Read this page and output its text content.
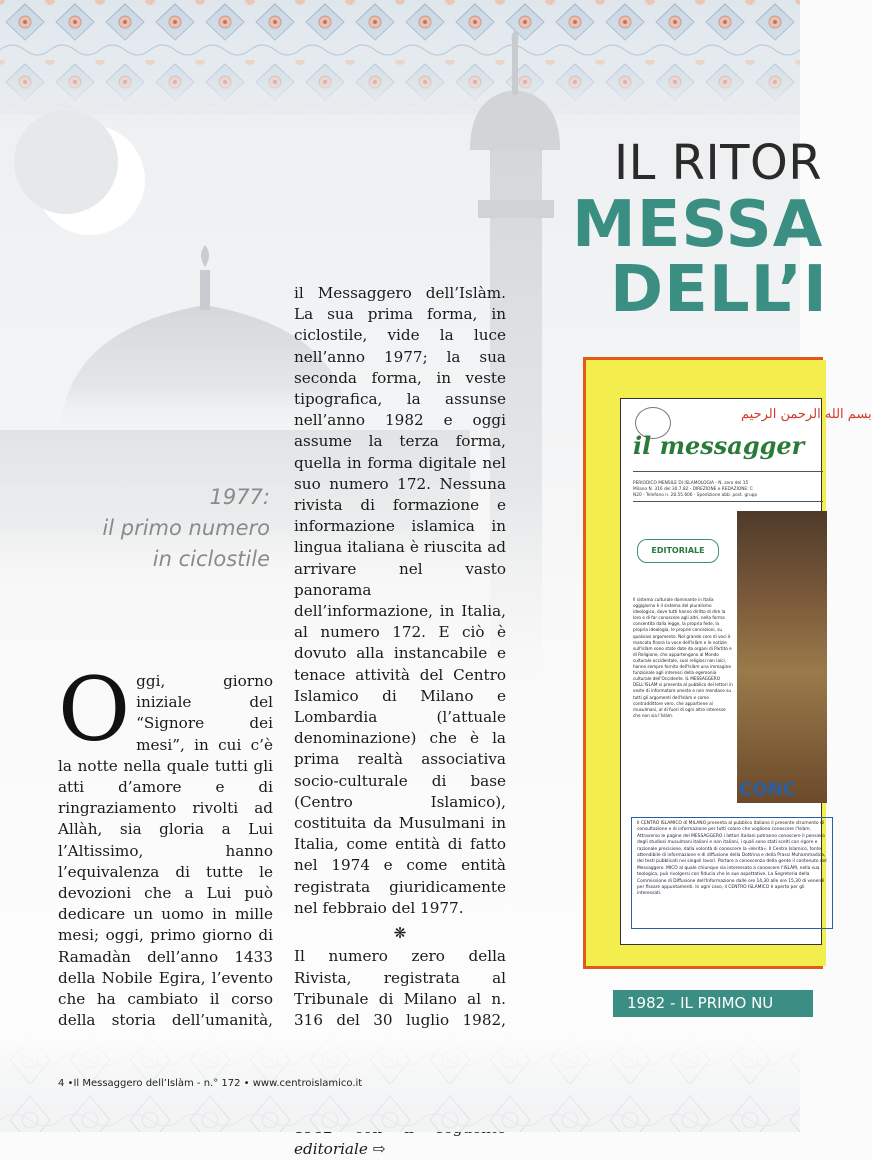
IL RITOR
MESSA
DELL’I
1977:
il primo numero
in ciclostile
Oggi, giorno iniziale del “Signore dei mesi”, in cui c’è la notte nella quale tutti gli atti d’amore e di ringraziamento rivolti ad Allàh, sia gloria a Lui l’Altissimo, hanno l’equivalenza di tutte le devozioni che a Lui può dedicare un uomo in mille mesi; oggi, primo giorno di Ramadàn dell’anno 1433 della Nobile Egira, l’evento che ha cambiato il corso della storia dell’umanità,
il Messaggero dell’Islàm. La sua prima forma, in ciclostile, vide la luce nell’anno 1977; la sua seconda forma, in veste tipografica, la assunse nell’anno 1982 e oggi assume la terza forma, quella in forma digitale nel suo numero 172. Nessuna rivista di formazione e informazione islamica in lingua italiana è riuscita ad arrivare nel vasto panorama dell’informazione, in Italia, al numero 172. E ciò è dovuto alla instancabile e tenace attività del Centro Islamico di Milano e Lombardia (l’attuale denominazione) che è la prima realtà associativa socio-culturale di base (Centro Islamico), costituita da Musulmani in Italia, come entità di fatto nel 1974 e come entità registrata giuridicamente nel febbraio del 1977.
❋
Il numero zero della Rivista, registrata al Tribunale di Milano al n. 316 del 30 luglio 1982, editoriale ⇨
بسم الله الرحمن الرحيم
il messagger
PERIODICO MENSILE DI ISLAMOLOGIA - N. zero del 15
Milano N. 316 del 30.7.82 - DIREZIONE e REDAZIONE: C
N20 - Telefono n. 28.55.606 - Spedizione abb. post. grupp
EDITORIALE
Il sistema culturale dominante in Italia oggigiorno è il sistema del pluralismo ideologico, dove tutti hanno diritto di dire la loro e di far conoscere agli altri, nella forma consentita dalla legge, la propria fede, la propria ideologia, le proprie concezioni, su qualsiasi argomento. Nel grande coro di voci è mancata finora la voce dell'Islàm e le notizie sull'Islàm sono state date da organi di Partito e di Religione, che appartengono al Mondo culturale occidentale, suoi religiosi non laici, hanno sempre fornito dell'Islàm una immagine funzionale agli interessi della egemonia culturale dell'Occidente. IL MESSAGGERO DELL'ISLÀM si presenta al pubblico dei lettori in veste di informatore onesto e non mendace su tutti gli argomenti dell'Islàm e come contraddittore vero, che appartiene ai musulmani, al di fuori di ogni altro interesse che non sia l'Islàm.
CONC
Il CENTRO ISLAMICO di MILANO presenta al pubblico italiano il presente strumento di consultazione e di informazione per tutti coloro che vogliono conoscere l'Islàm. Attraverso le pagine del MESSAGGERO i lettori italiani potranno conoscere il pensiero degli studiosi musulmani italiani e non italiani, i quali sono stati scelti con rigore e razionale precisione, dalla volontà di conoscere la «Verità». Il Centro Islamico, fonte attendibile di informazione e di diffusione della Dottrina e della Prassi Muhammadica, dei testi pubblicati nei singoli lavori. Portare a conoscenza della gente il contenuto del Messaggero. MICO al quale chiunque sia interessato a conoscere l'ISLÀM, nella sua teologica, può rivolgersi con fiducia che le sue aspettative. La Segreteria della Commissione di Diffusione dell'Informazione dalle ore 14,30 alle ore 15,30 di venerdì per fissare appuntamenti. In ogni caso, il CENTRO ISLAMICO è aperto per gli interessati.
1982 - IL PRIMO NU
4 •Il Messaggero dell’Islàm - n.° 172 • www.centroislamico.it
